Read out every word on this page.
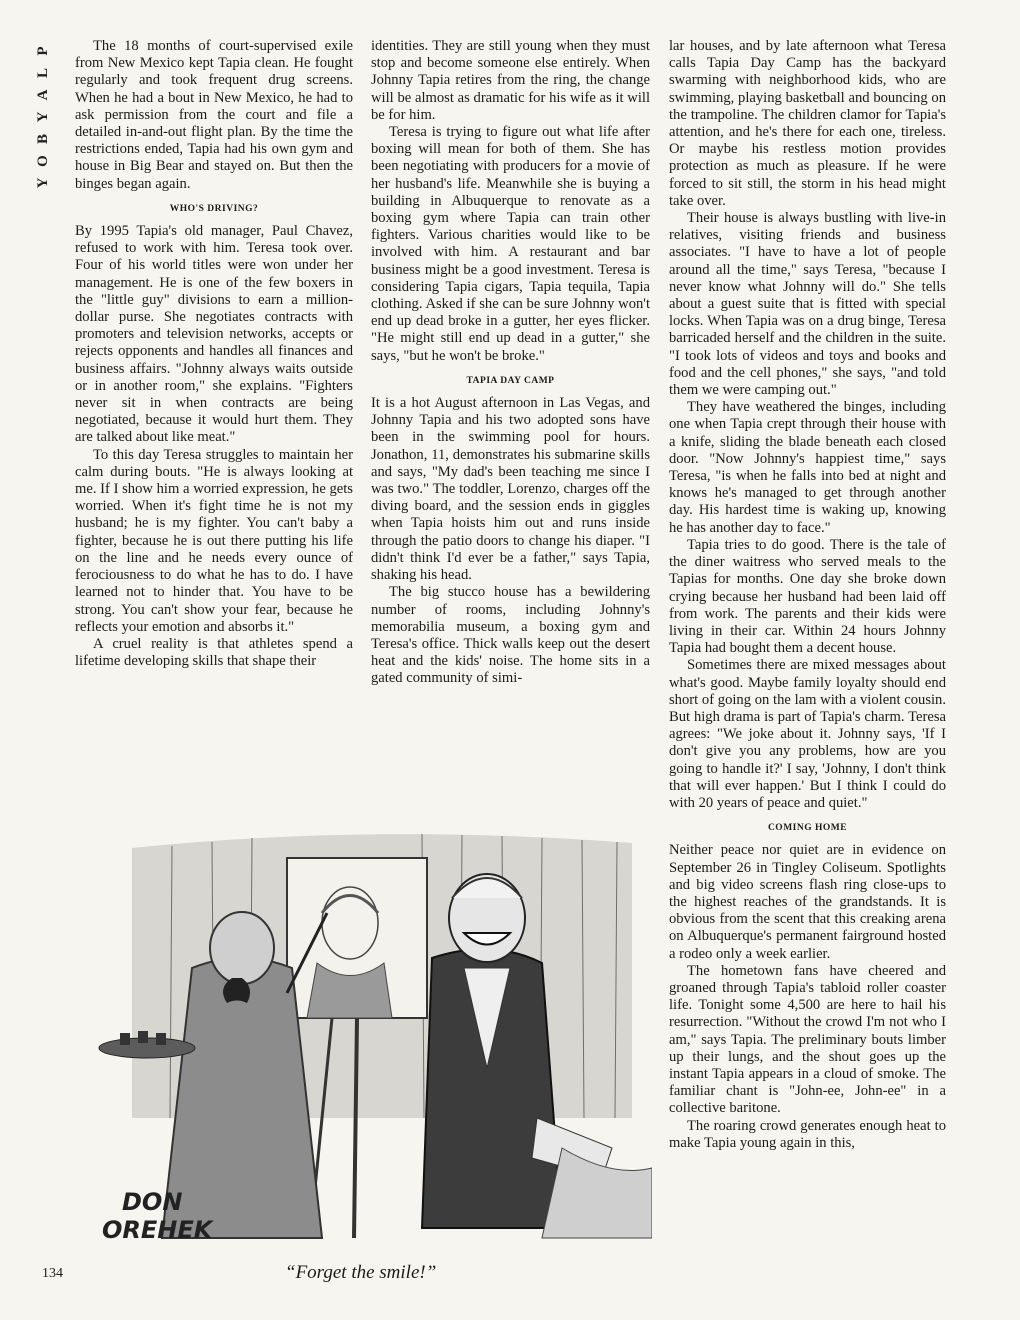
P
L
A
Y
B
O
Y

The 18 months of court-supervised exile from New Mexico kept Tapia clean. He fought regularly and took frequent drug screens. When he had a bout in New Mexico, he had to ask permission from the court and file a detailed in-and-out flight plan. By the time the restrictions ended, Tapia had his own gym and house in Big Bear and stayed on. But then the binges began again.

WHO'S DRIVING?

By 1995 Tapia's old manager, Paul Chavez, refused to work with him. Teresa took over. Four of his world titles were won under her management. He is one of the few boxers in the "little guy" divisions to earn a million-dollar purse. She negotiates contracts with promoters and television networks, accepts or rejects opponents and handles all finances and business affairs. "Johnny always waits outside or in another room," she explains. "Fighters never sit in when contracts are being negotiated, because it would hurt them. They are talked about like meat."

To this day Teresa struggles to maintain her calm during bouts. "He is always looking at me. If I show him a worried expression, he gets worried. When it's fight time he is not my husband; he is my fighter. You can't baby a fighter, because he is out there putting his life on the line and he needs every ounce of ferociousness to do what he has to do. I have learned not to hinder that. You have to be strong. You can't show your fear, because he reflects your emotion and absorbs it."

A cruel reality is that athletes spend a lifetime developing skills that shape their

identities. They are still young when they must stop and become someone else entirely. When Johnny Tapia retires from the ring, the change will be almost as dramatic for his wife as it will be for him.

Teresa is trying to figure out what life after boxing will mean for both of them. She has been negotiating with producers for a movie of her husband's life. Meanwhile she is buying a building in Albuquerque to renovate as a boxing gym where Tapia can train other fighters. Various charities would like to be involved with him. A restaurant and bar business might be a good investment. Teresa is considering Tapia cigars, Tapia tequila, Tapia clothing. Asked if she can be sure Johnny won't end up dead broke in a gutter, her eyes flicker. "He might still end up dead in a gutter," she says, "but he won't be broke."

TAPIA DAY CAMP

It is a hot August afternoon in Las Vegas, and Johnny Tapia and his two adopted sons have been in the swimming pool for hours. Jonathon, 11, demonstrates his submarine skills and says, "My dad's been teaching me since I was two." The toddler, Lorenzo, charges off the diving board, and the session ends in giggles when Tapia hoists him out and runs inside through the patio doors to change his diaper. "I didn't think I'd ever be a father," says Tapia, shaking his head.

The big stucco house has a bewildering number of rooms, including Johnny's memorabilia museum, a boxing gym and Teresa's office. Thick walls keep out the desert heat and the kids' noise. The home sits in a gated community of simi-

lar houses, and by late afternoon what Teresa calls Tapia Day Camp has the backyard swarming with neighborhood kids, who are swimming, playing basketball and bouncing on the trampoline. The children clamor for Tapia's attention, and he's there for each one, tireless. Or maybe his restless motion provides protection as much as pleasure. If he were forced to sit still, the storm in his head might take over.

Their house is always bustling with live-in relatives, visiting friends and business associates. "I have to have a lot of people around all the time," says Teresa, "because I never know what Johnny will do." She tells about a guest suite that is fitted with special locks. When Tapia was on a drug binge, Teresa barricaded herself and the children in the suite. "I took lots of videos and toys and books and food and the cell phones," she says, "and told them we were camping out."

They have weathered the binges, including one when Tapia crept through their house with a knife, sliding the blade beneath each closed door. "Now Johnny's happiest time," says Teresa, "is when he falls into bed at night and knows he's managed to get through another day. His hardest time is waking up, knowing he has another day to face."

Tapia tries to do good. There is the tale of the diner waitress who served meals to the Tapias for months. One day she broke down crying because her husband had been laid off from work. The parents and their kids were living in their car. Within 24 hours Johnny Tapia had bought them a decent house.

Sometimes there are mixed messages about what's good. Maybe family loyalty should end short of going on the lam with a violent cousin. But high drama is part of Tapia's charm. Teresa agrees: "We joke about it. Johnny says, 'If I don't give you any problems, how are you going to handle it?' I say, 'Johnny, I don't think that will ever happen.' But I think I could do with 20 years of peace and quiet."

COMING HOME

Neither peace nor quiet are in evidence on September 26 in Tingley Coliseum. Spotlights and big video screens flash ring close-ups to the highest reaches of the grandstands. It is obvious from the scent that this creaking arena on Albuquerque's permanent fairground hosted a rodeo only a week earlier.

The hometown fans have cheered and groaned through Tapia's tabloid roller coaster life. Tonight some 4,500 are here to hail his resurrection. "Without the crowd I'm not who I am," says Tapia. The preliminary bouts limber up their lungs, and the shout goes up the instant Tapia appears in a cloud of smoke. The familiar chant is "John-ee, John-ee" in a collective baritone.

The roaring crowd generates enough heat to make Tapia young again in this,

DON
OREHEK
“Forget the smile!”
134
